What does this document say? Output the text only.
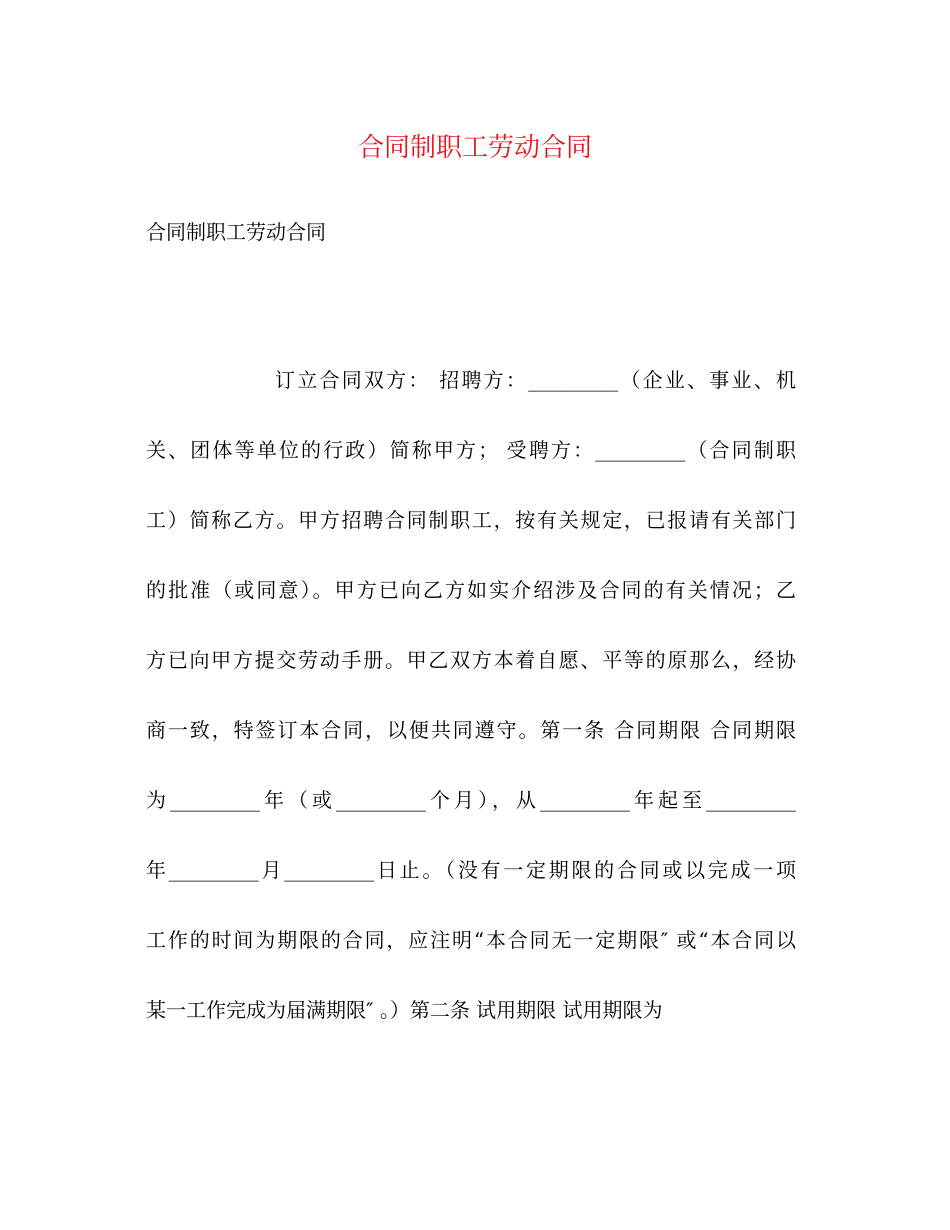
合同制职工劳动合同
合同制职工劳动合同
订立合同双方： 招聘方：_________（企业、事业、机
关、团体等单位的行政）简称甲方； 受聘方：_________（合同制职
工）简称乙方。甲方招聘合同制职工，按有关规定，已报请有关部门
的批准（或同意）。甲方已向乙方如实介绍涉及合同的有关情况；乙
方已向甲方提交劳动手册。甲乙双方本着自愿、平等的原那么，经协
商一致，特签订本合同，以便共同遵守。第一条 合同期限 合同期限
为_________年（或_________个月），从_________年起至_________
年_________月_________日止。（没有一定期限的合同或以完成一项
工作的时间为期限的合同，应注明“本合同无一定期限″ 或“本合同以
某一工作完成为届满期限″ 。）第二条 试用期限 试用期限为
